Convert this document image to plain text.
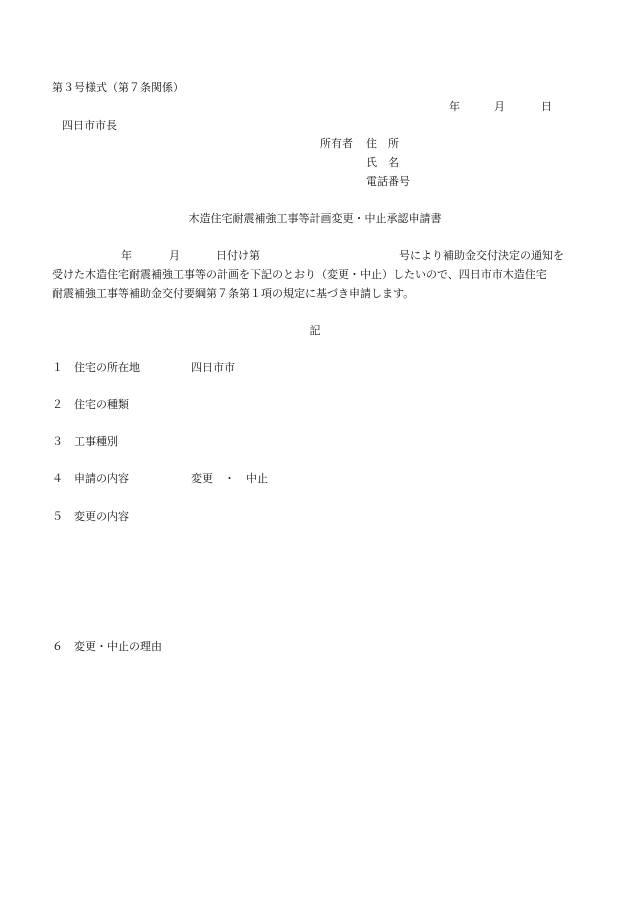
第３号様式（第７条関係）
年	月	日
四日市市長
所有者 住　所
氏　名
電話番号
木造住宅耐震補強工事等計画変更・中止承認申請書
年	月	日付け第	号により補助金交付決定の通知を
受けた木造住宅耐震補強工事等の計画を下記のとおり（変更・中止）したいので、四日市市木造住宅
耐震補強工事等補助金交付要綱第７条第１項の規定に基づき申請します。
記
１ 住宅の所在地	四日市市
２ 住宅の種類
３ 工事種別
４ 申請の内容	変更　・　中止
５ 変更の内容
６ 変更・中止の理由
